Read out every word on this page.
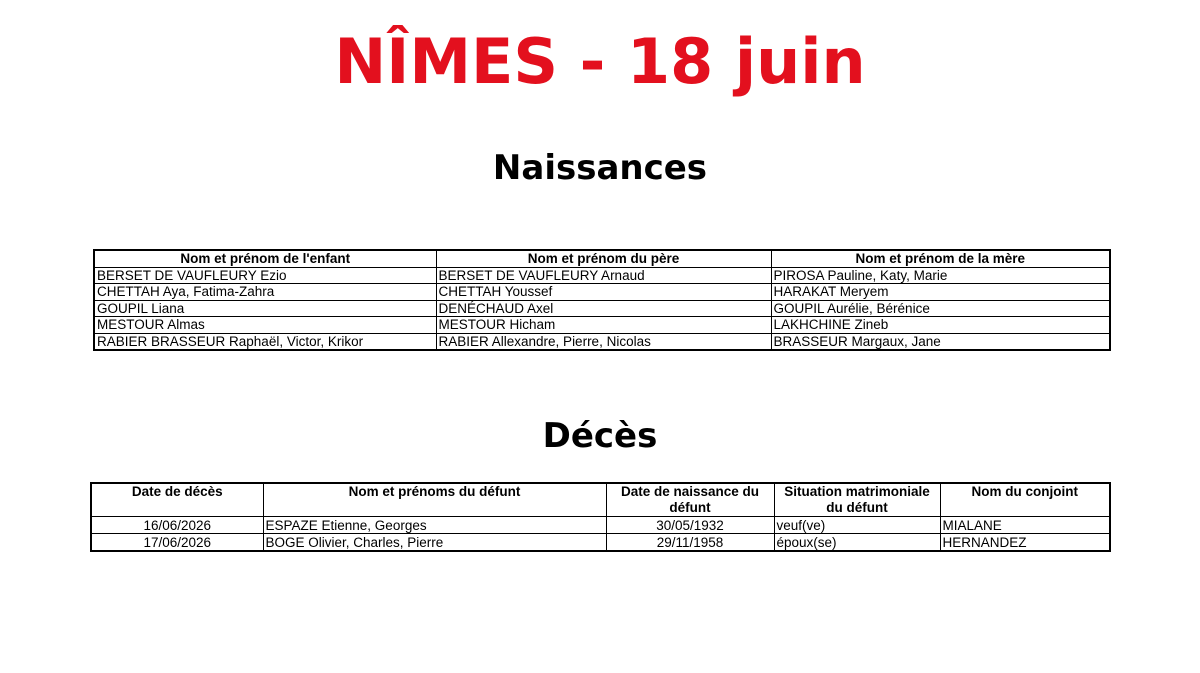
NÎMES - 18 juin
Naissances
Nom et prénom de l'enfant	Nom et prénom du père	Nom et prénom de la mère
BERSET DE VAUFLEURY Ezio	BERSET DE VAUFLEURY Arnaud	PIROSA Pauline, Katy, Marie
CHETTAH Aya, Fatima-Zahra	CHETTAH Youssef	HARAKAT Meryem
GOUPIL Liana	DENÉCHAUD Axel	GOUPIL Aurélie, Bérénice
MESTOUR Almas	MESTOUR Hicham	LAKHCHINE Zineb
RABIER BRASSEUR Raphaël, Victor, Krikor	RABIER Allexandre, Pierre, Nicolas	BRASSEUR Margaux, Jane
Décès
Date de décès	Nom et prénoms du défunt	Date de naissance du défunt	Situation matrimoniale du défunt	Nom du conjoint
16/06/2026	ESPAZE Etienne, Georges	30/05/1932	veuf(ve)	MIALANE
17/06/2026	BOGE Olivier, Charles, Pierre	29/11/1958	époux(se)	HERNANDEZ
